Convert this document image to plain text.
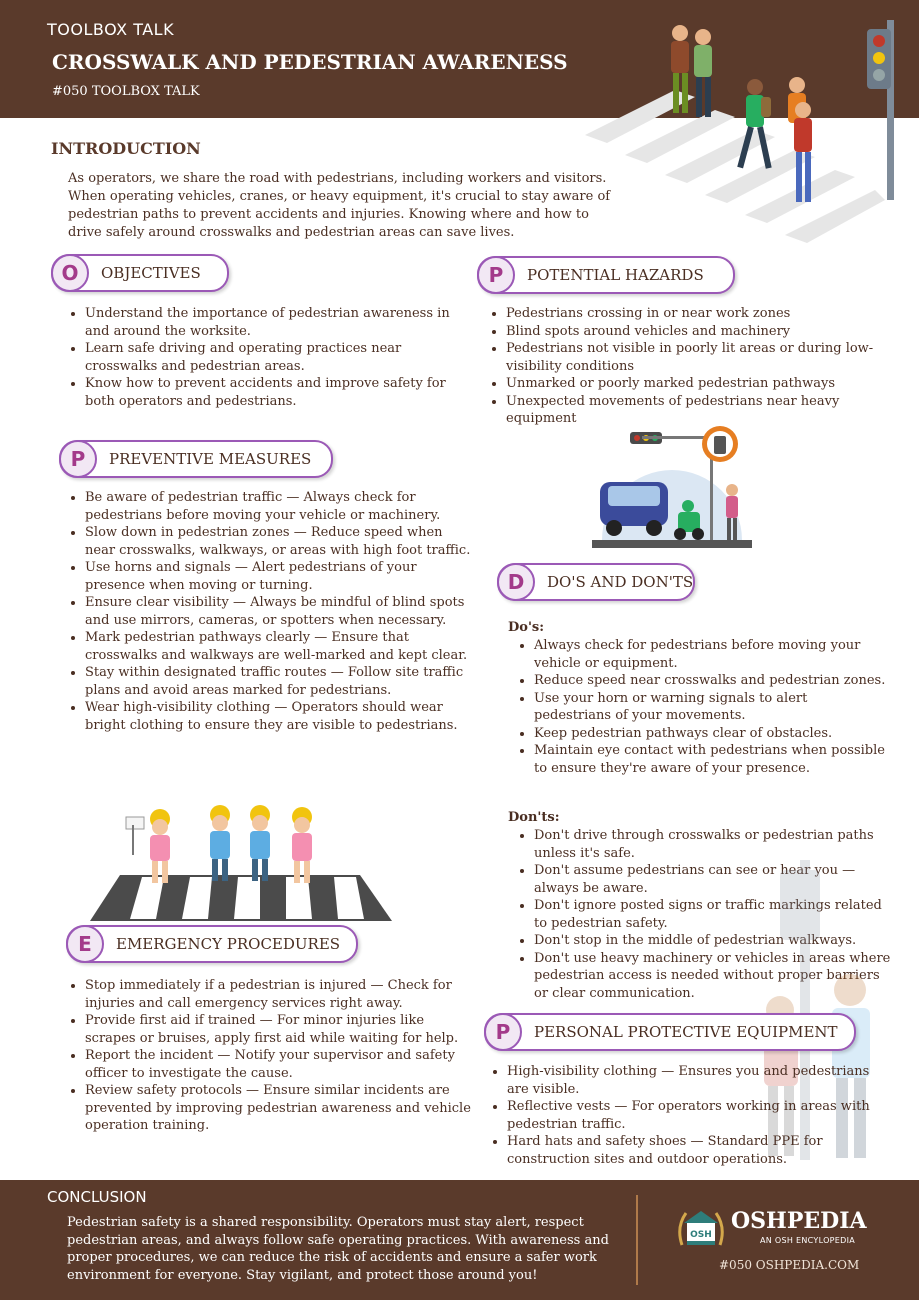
TOOLBOX TALK
CROSSWALK AND PEDESTRIAN AWARENESS
#050 TOOLBOX TALK
INTRODUCTION
As operators, we share the road with pedestrians, including workers and visitors. When operating vehicles, cranes, or heavy equipment, it's crucial to stay aware of pedestrian paths to prevent accidents and injuries. Knowing where and how to drive safely around crosswalks and pedestrian areas can save lives.
O	OBJECTIVES
• Understand the importance of pedestrian awareness in and around the worksite.
• Learn safe driving and operating practices near crosswalks and pedestrian areas.
• Know how to prevent accidents and improve safety for both operators and pedestrians.
P	POTENTIAL HAZARDS
• Pedestrians crossing in or near work zones
• Blind spots around vehicles and machinery
• Pedestrians not visible in poorly lit areas or during low-visibility conditions
• Unmarked or poorly marked pedestrian pathways
• Unexpected movements of pedestrians near heavy equipment
P	PREVENTIVE MEASURES
• Be aware of pedestrian traffic — Always check for pedestrians before moving your vehicle or machinery.
• Slow down in pedestrian zones — Reduce speed when near crosswalks, walkways, or areas with high foot traffic.
• Use horns and signals — Alert pedestrians of your presence when moving or turning.
• Ensure clear visibility — Always be mindful of blind spots and use mirrors, cameras, or spotters when necessary.
• Mark pedestrian pathways clearly — Ensure that crosswalks and walkways are well-marked and kept clear.
• Stay within designated traffic routes — Follow site traffic plans and avoid areas marked for pedestrians.
• Wear high-visibility clothing — Operators should wear bright clothing to ensure they are visible to pedestrians.
D	DO'S AND DON'TS
Do's:
• Always check for pedestrians before moving your vehicle or equipment.
• Reduce speed near crosswalks and pedestrian zones.
• Use your horn or warning signals to alert pedestrians of your movements.
• Keep pedestrian pathways clear of obstacles.
• Maintain eye contact with pedestrians when possible to ensure they're aware of your presence.
Don'ts:
• Don't drive through crosswalks or pedestrian paths unless it's safe.
• Don't assume pedestrians can see or hear you — always be aware.
• Don't ignore posted signs or traffic markings related to pedestrian safety.
• Don't stop in the middle of pedestrian walkways.
• Don't use heavy machinery or vehicles in areas where pedestrian access is needed without proper barriers or clear communication.
E	EMERGENCY PROCEDURES
• Stop immediately if a pedestrian is injured — Check for injuries and call emergency services right away.
• Provide first aid if trained — For minor injuries like scrapes or bruises, apply first aid while waiting for help.
• Report the incident — Notify your supervisor and safety officer to investigate the cause.
• Review safety protocols — Ensure similar incidents are prevented by improving pedestrian awareness and vehicle operation training.
P	PERSONAL PROTECTIVE EQUIPMENT
• High-visibility clothing — Ensures you and pedestrians are visible.
• Reflective vests — For operators working in areas with pedestrian traffic.
• Hard hats and safety shoes — Standard PPE for construction sites and outdoor operations.
CONCLUSION
Pedestrian safety is a shared responsibility. Operators must stay alert, respect pedestrian areas, and always follow safe operating practices. With awareness and proper procedures, we can reduce the risk of accidents and ensure a safer work environment for everyone. Stay vigilant, and protect those around you!
OSH
OSHPEDIA
AN OSH ENCYLOPEDIA
#050 OSHPEDIA.COM
